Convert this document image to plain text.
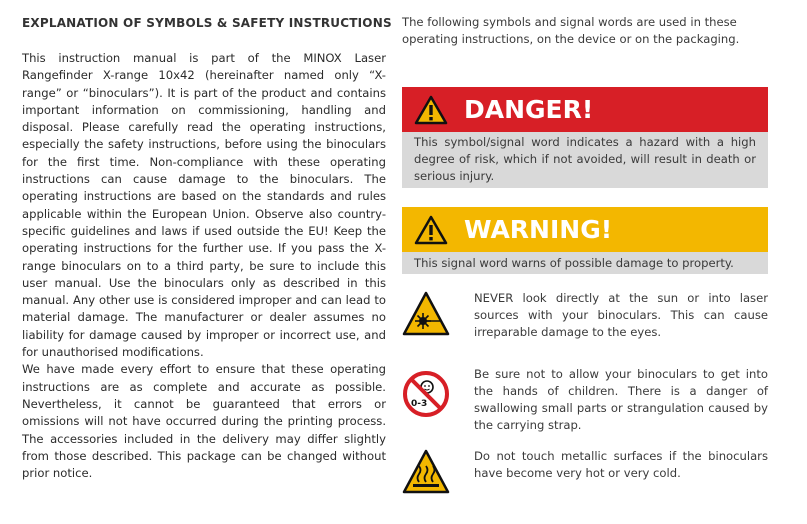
EXPLANATION OF SYMBOLS & SAFETY INSTRUCTIONS

This instruction manual is part of the MINOX Laser Rangefinder X-range 10x42 (hereinafter named only “X-range” or “binoculars”). It is part of the product and contains important information on commissioning, handling and disposal. Please carefully read the operating instructions, especially the safety instructions, before using the binoculars for the first time. Non-compliance with these operating instructions can cause damage to the binoculars. The operating instructions are based on the standards and rules applicable within the European Union. Observe also country-specific guidelines and laws if used outside the EU! Keep the operating instructions for the further use. If you pass the X-range binoculars on to a third party, be sure to include this user manual. Use the binoculars only as described in this manual. Any other use is considered improper and can lead to material damage. The manufacturer or dealer assumes no liability for damage caused by improper or incorrect use, and for unauthorised modifications.

We have made every effort to ensure that these operating instructions are as complete and accurate as possible. Nevertheless, it cannot be guaranteed that errors or omissions will not have occurred during the printing process. The accessories included in the delivery may differ slightly from those described. This package can be changed without prior notice.

The following symbols and signal words are used in these operating instructions, on the device or on the packaging.
DANGER!
This symbol/signal word indicates a hazard with a high degree of risk, which if not avoided, will result in death or serious injury.
WARNING!
This signal word warns of possible damage to property.
NEVER look directly at the sun or into laser sources with your binoculars. This can cause irreparable damage to the eyes.
0-3
Be sure not to allow your binoculars to get into the hands of children. There is a danger of swallowing small parts or strangulation caused by the carrying strap.
Do not touch metallic surfaces if the binoculars have become very hot or very cold.
